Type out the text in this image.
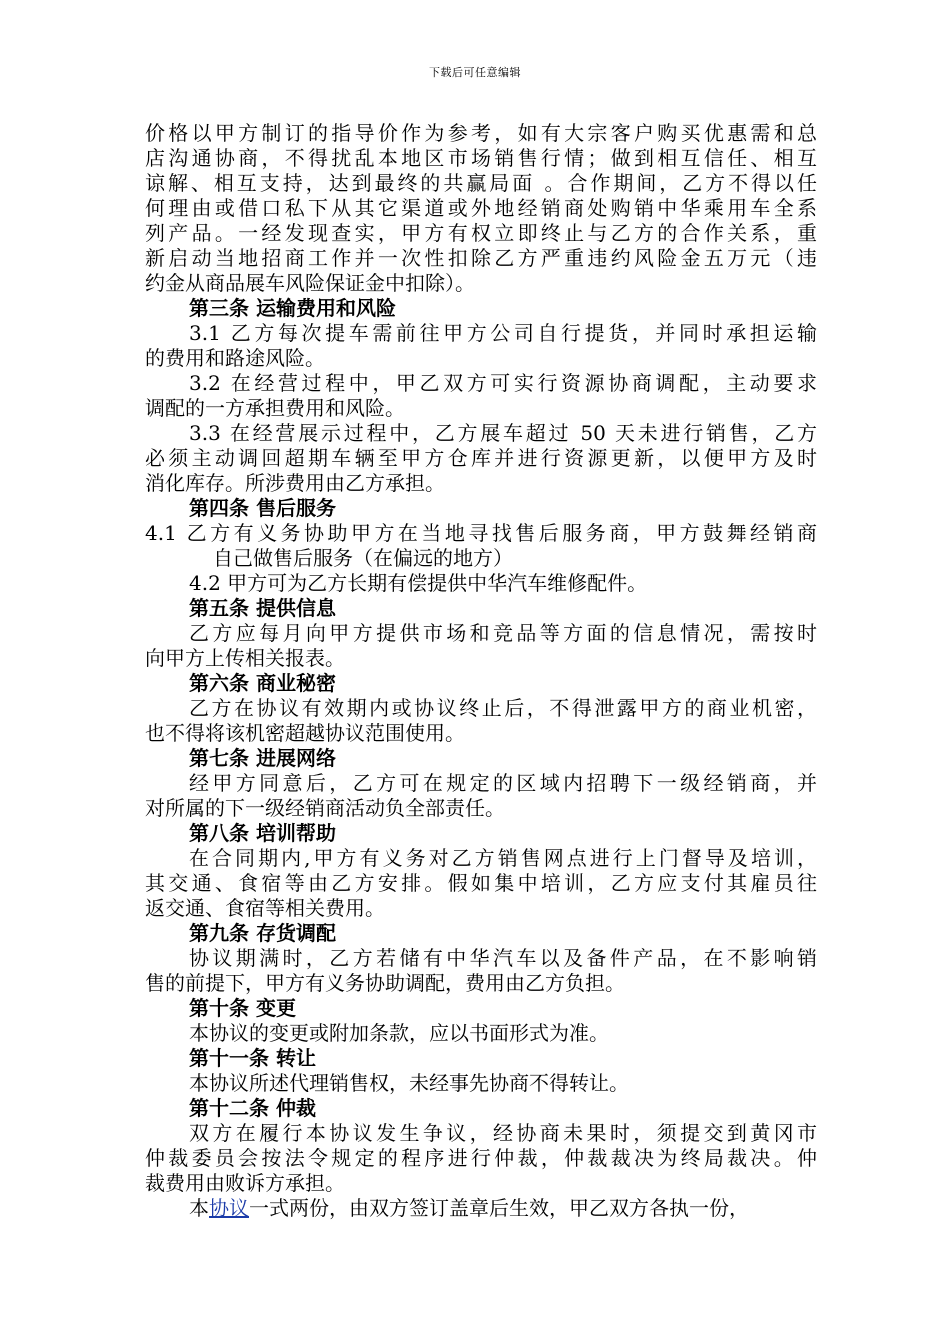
下载后可任意编辑
价格以甲方制订的指导价作为参考，如有大宗客户购买优惠需和总
店沟通协商，不得扰乱本地区市场销售行情；做到相互信任、相互
谅解、相互支持，达到最终的共赢局面 。合作期间，乙方不得以任
何理由或借口私下从其它渠道或外地经销商处购销中华乘用车全系
列产品。一经发现查实，甲方有权立即终止与乙方的合作关系，重
新启动当地招商工作并一次性扣除乙方严重违约风险金五万元（违
约金从商品展车风险保证金中扣除）。
第三条 运输费用和风险
3.1 乙方每次提车需前往甲方公司自行提货，并同时承担运输
的费用和路途风险。
3.2 在经营过程中，甲乙双方可实行资源协商调配，主动要求
调配的一方承担费用和风险。
3.3 在经营展示过程中，乙方展车超过 50 天未进行销售，乙方
必须主动调回超期车辆至甲方仓库并进行资源更新，以便甲方及时
消化库存。所涉费用由乙方承担。
第四条 售后服务
4.1 乙方有义务协助甲方在当地寻找售后服务商，甲方鼓舞经销商
自己做售后服务（在偏远的地方）
4.2 甲方可为乙方长期有偿提供中华汽车维修配件。
第五条 提供信息
乙方应每月向甲方提供市场和竞品等方面的信息情况，需按时
向甲方上传相关报表。
第六条 商业秘密
乙方在协议有效期内或协议终止后，不得泄露甲方的商业机密，
也不得将该机密超越协议范围使用。
第七条 进展网络
经甲方同意后，乙方可在规定的区域内招聘下一级经销商，并
对所属的下一级经销商活动负全部责任。
第八条 培训帮助
在合同期内,甲方有义务对乙方销售网点进行上门督导及培训，
其交通、食宿等由乙方安排。假如集中培训，乙方应支付其雇员往
返交通、食宿等相关费用。
第九条 存货调配
协议期满时，乙方若储有中华汽车以及备件产品，在不影响销
售的前提下，甲方有义务协助调配，费用由乙方负担。
第十条 变更
本协议的变更或附加条款，应以书面形式为准。
第十一条 转让
本协议所述代理销售权，未经事先协商不得转让。
第十二条 仲裁
双方在履行本协议发生争议，经协商未果时，须提交到黄冈市
仲裁委员会按法令规定的程序进行仲裁，仲裁裁决为终局裁决。仲
裁费用由败诉方承担。
本协议一式两份，由双方签订盖章后生效，甲乙双方各执一份，
